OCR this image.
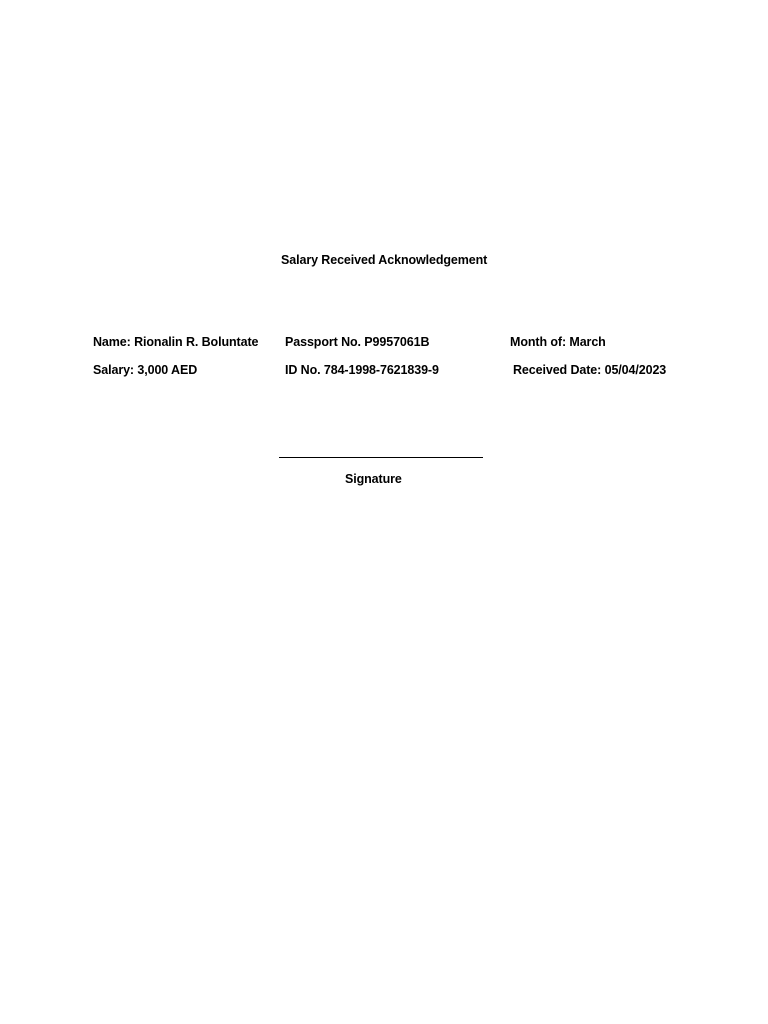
Salary Received Acknowledgement
Name: Rionalin R. Boluntate Passport No. P9957061B	Month of: March
Salary: 3,000 AED	ID No. 784-1998-7621839-9	Received Date: 05/04/2023
Signature
